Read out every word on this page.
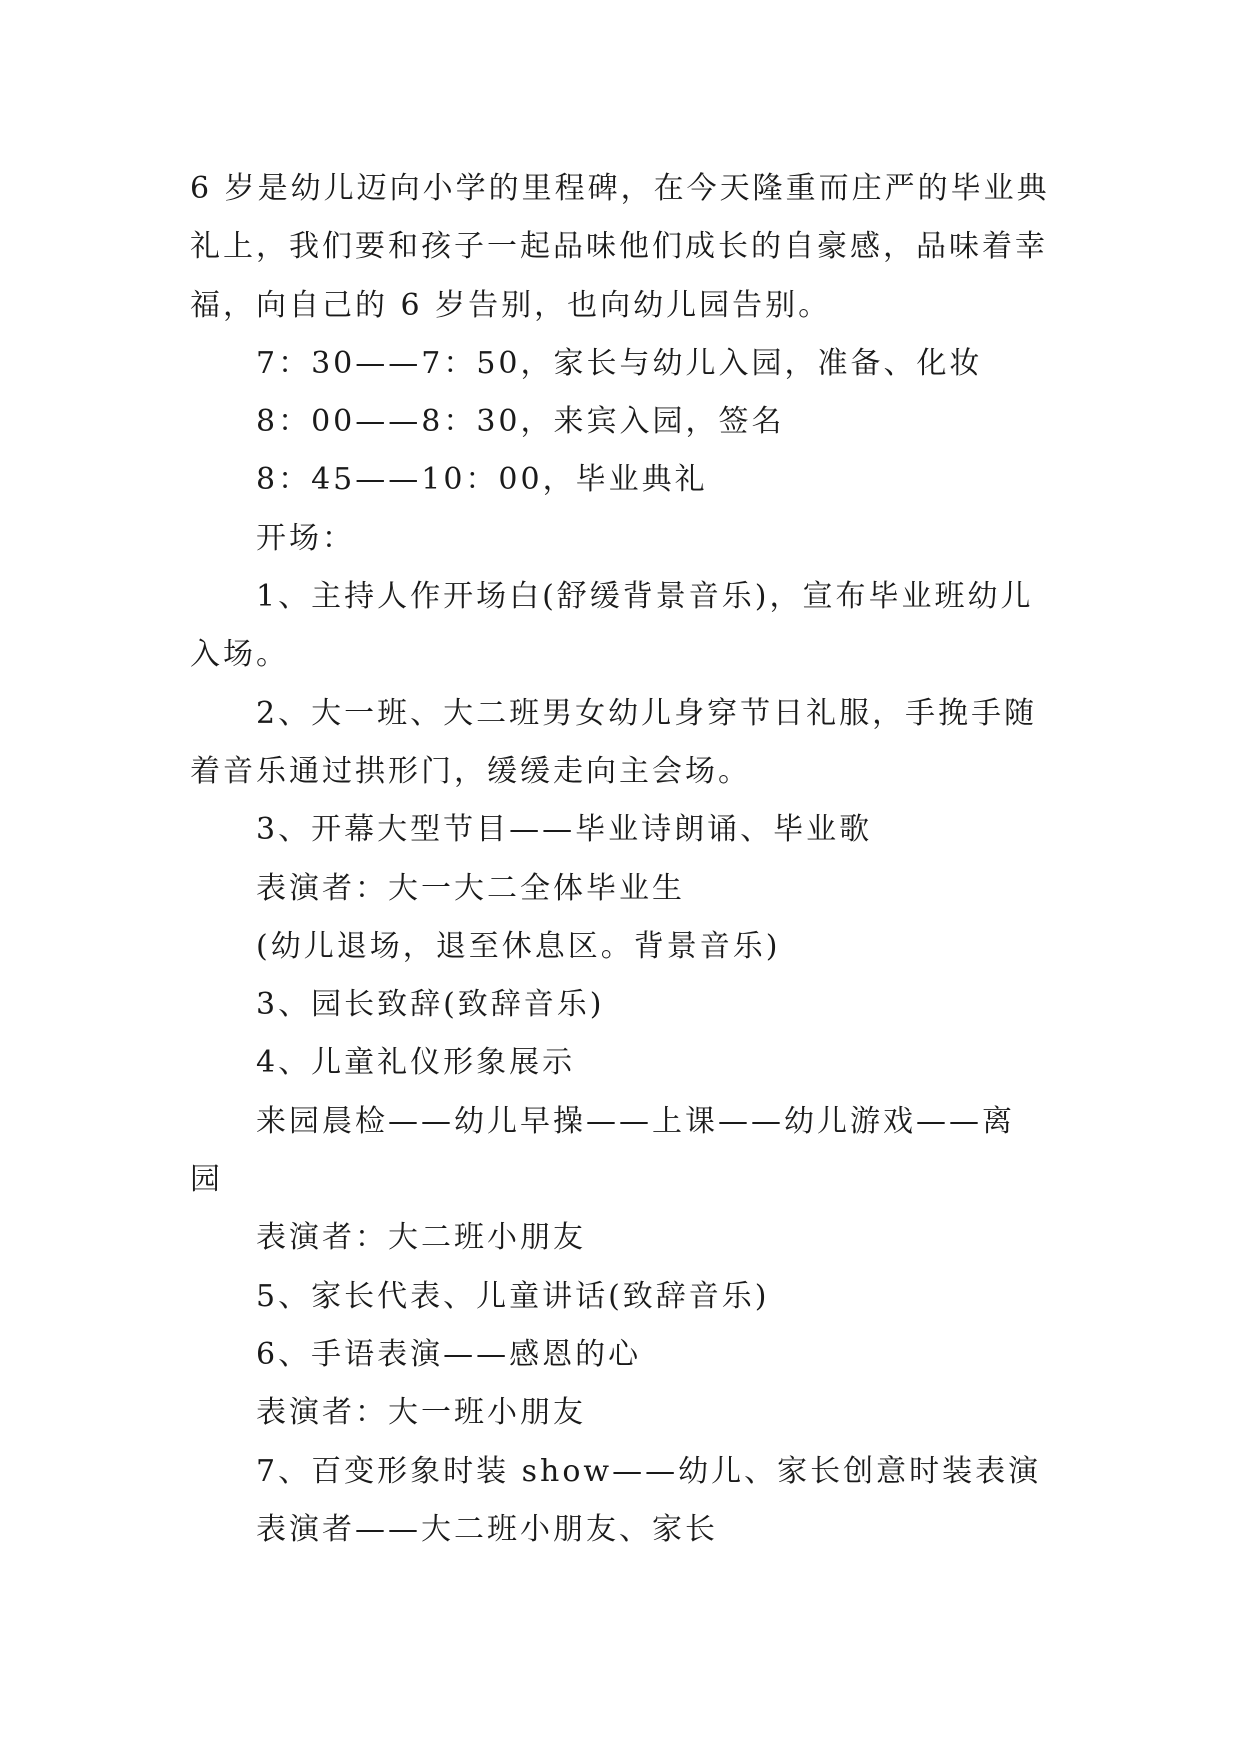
6 岁是幼儿迈向小学的里程碑，在今天隆重而庄严的毕业典
礼上，我们要和孩子一起品味他们成长的自豪感，品味着幸
福，向自己的 6 岁告别，也向幼儿园告别。
7：30——7：50，家长与幼儿入园，准备、化妆
8：00——8：30，来宾入园，签名
8：45——10：00，毕业典礼
开场：
1、主持人作开场白(舒缓背景音乐)，宣布毕业班幼儿
入场。
2、大一班、大二班男女幼儿身穿节日礼服，手挽手随
着音乐通过拱形门，缓缓走向主会场。
3、开幕大型节目——毕业诗朗诵、毕业歌
表演者：大一大二全体毕业生
(幼儿退场，退至休息区。背景音乐)
3、园长致辞(致辞音乐)
4、儿童礼仪形象展示
来园晨检——幼儿早操——上课——幼儿游戏——离
园
表演者：大二班小朋友
5、家长代表、儿童讲话(致辞音乐)
6、手语表演——感恩的心
表演者：大一班小朋友
7、百变形象时装 show——幼儿、家长创意时装表演
表演者——大二班小朋友、家长
